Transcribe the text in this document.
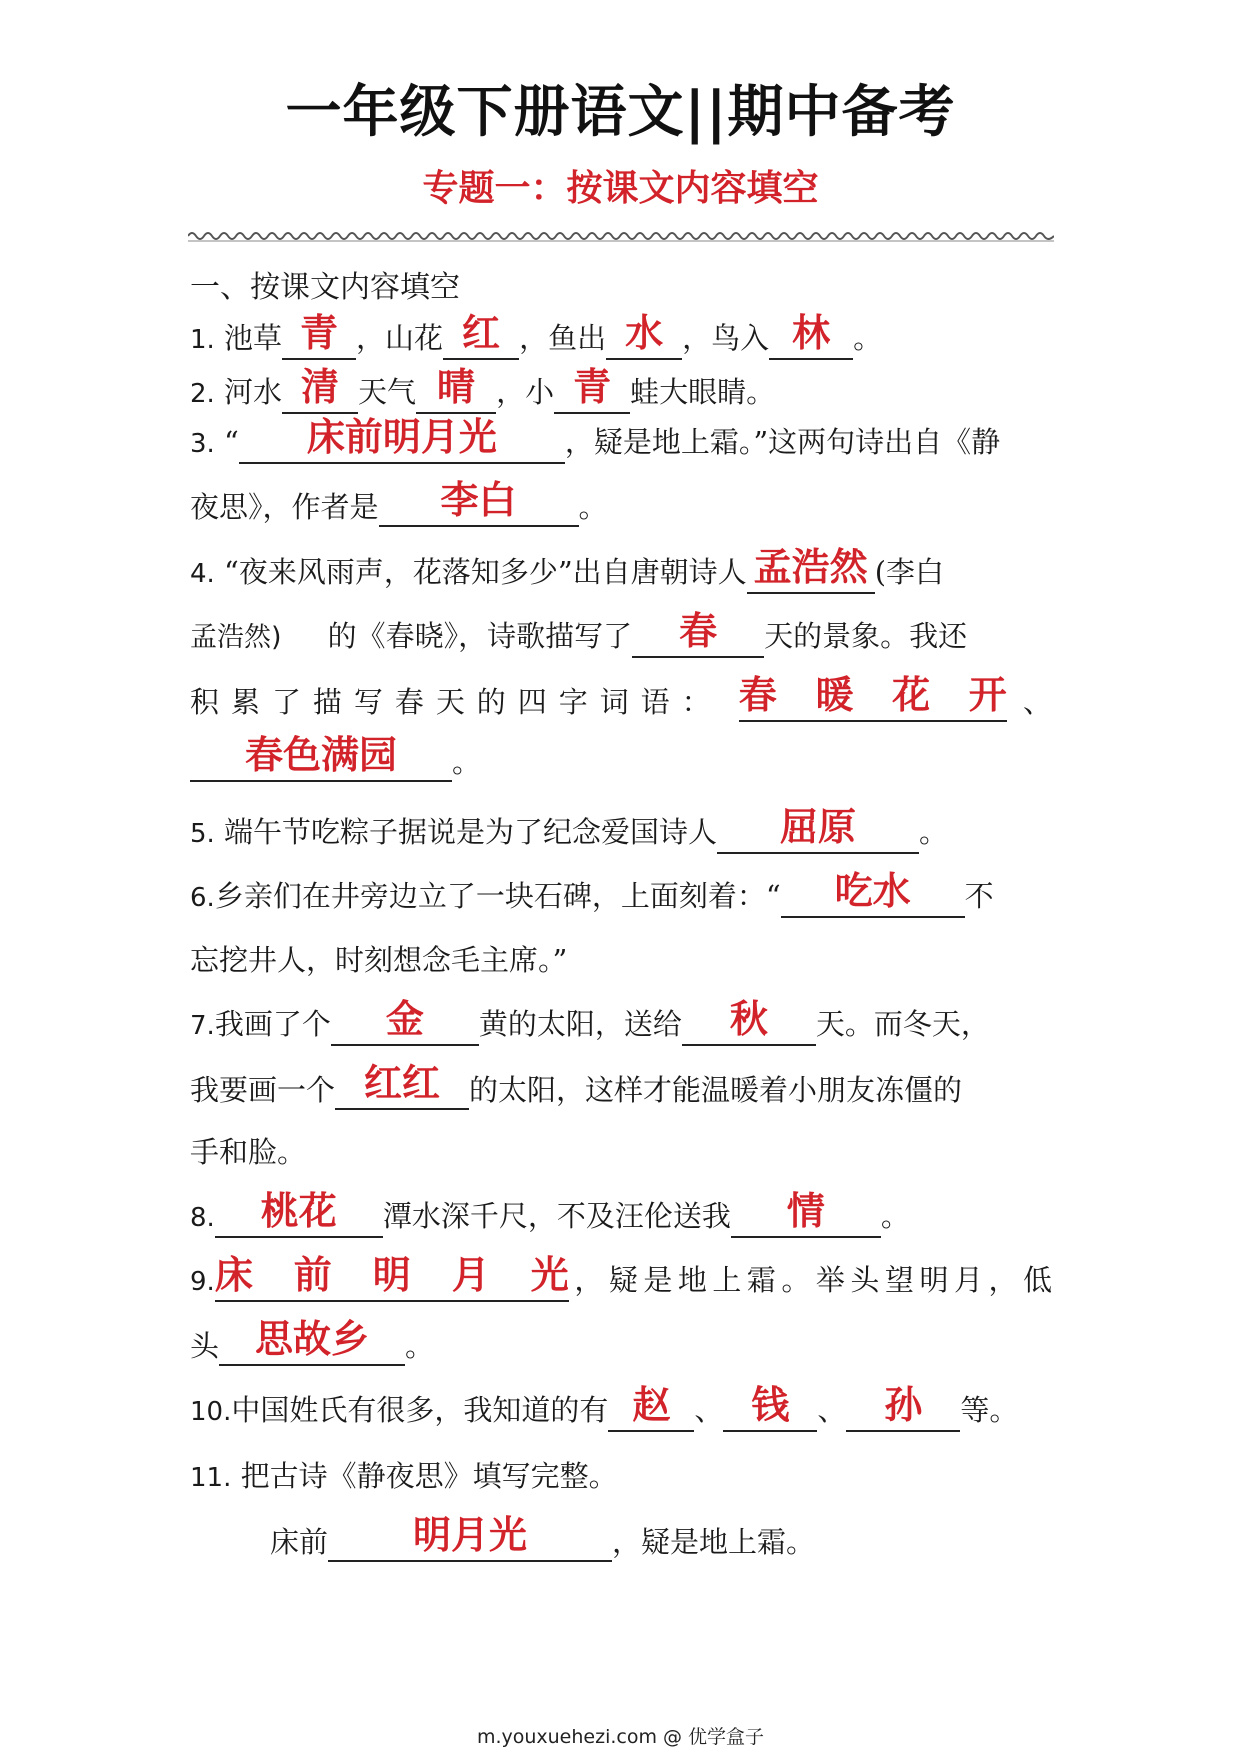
一年级下册语文||期中备考
专题一：按课文内容填空
一、按课文内容填空
1. 池草 青 ，山花 红 ，鱼出 水 ，鸟入 林 。
2. 河水 清 天气 晴 ，小 青 蛙大眼睛。
3. “	床前明月光	，疑是地上霜。”这两句诗出自《静
夜思》，作者是	李白	。
4. “夜来风雨声，花落知多少”出自唐朝诗人 孟浩然 (李白
孟浩然) 的《春晓》，诗歌描写了	春	天的景象。我还
积累了描写春天的四字词语： 春暖花开 、
春色满园	。
5. 端午节吃粽子据说是为了纪念爱国诗人	屈原	。
6.乡亲们在井旁边立了一块石碑，上面刻着：“	吃水	不
忘挖井人，时刻想念毛主席。”
7.我画了个	金	黄的太阳，送给	秋	天。而冬天，
我要画一个 红红	的太阳，这样才能温暖着小朋友冻僵的
手和脸。
8.	桃花	潭水深千尺，不及汪伦送我	情	。
9. 床前明月光 ，疑是地上霜。举头望明月，低
头 思故乡	。
10.中国姓氏有很多，我知道的有 赵 、 钱 、 孙	等。
11. 把古诗《静夜思》填写完整。
床前	明月光	，疑是地上霜。
m.youxuehezi.com @ 优学盒子
